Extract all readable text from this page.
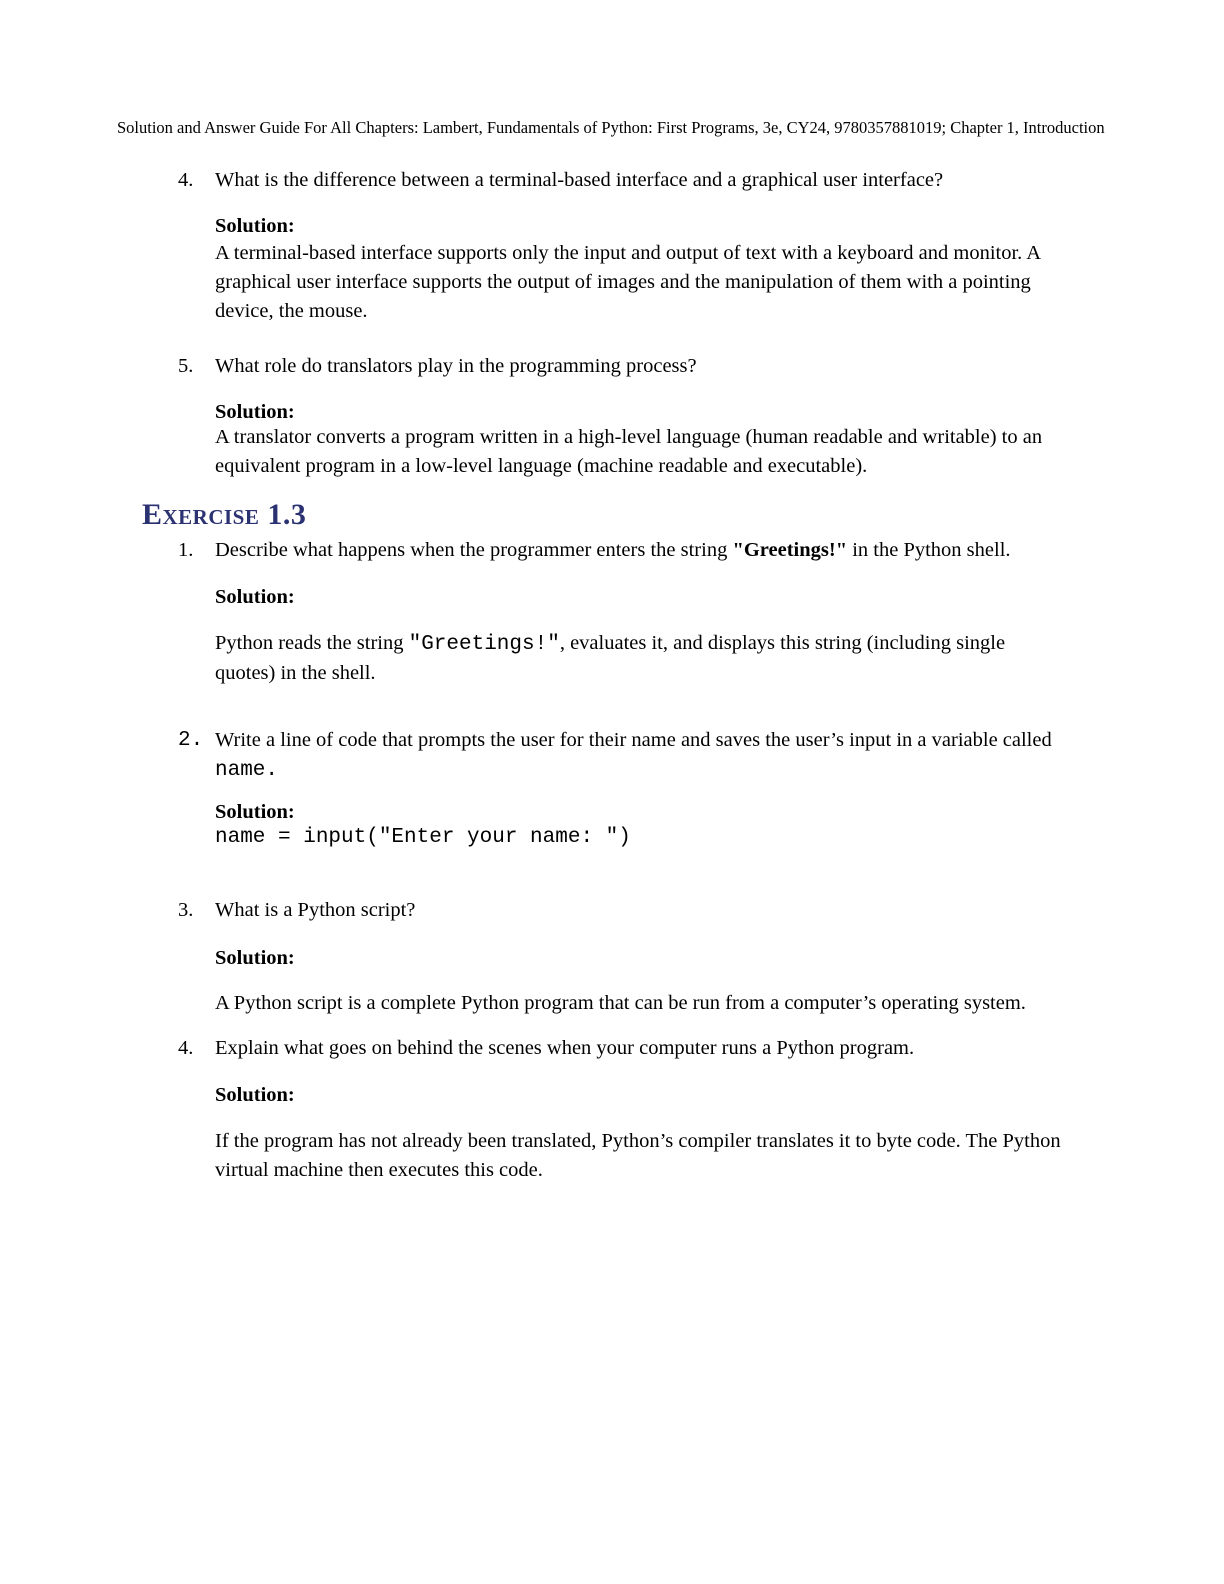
Solution and Answer Guide For All Chapters: Lambert, Fundamentals of Python: First Programs, 3e, CY24, 9780357881019; Chapter 1, Introduction
4. What is the difference between a terminal-based interface and a graphical user interface?
Solution:
A terminal-based interface supports only the input and output of text with a keyboard and monitor. A graphical user interface supports the output of images and the manipulation of them with a pointing device, the mouse.
5. What role do translators play in the programming process?
Solution:
A translator converts a program written in a high-level language (human readable and writable) to an equivalent program in a low-level language (machine readable and executable).
Exercise 1.3
1. Describe what happens when the programmer enters the string "Greetings!" in the Python shell.
Solution:
Python reads the string "Greetings!", evaluates it, and displays this string (including single quotes) in the shell.
2. Write a line of code that prompts the user for their name and saves the user’s input in a variable called
name.
Solution:
name = input("Enter your name: ")
3. What is a Python script?
Solution:
A Python script is a complete Python program that can be run from a computer’s operating system.
4. Explain what goes on behind the scenes when your computer runs a Python program.
Solution:
If the program has not already been translated, Python’s compiler translates it to byte code. The Python virtual machine then executes this code.
